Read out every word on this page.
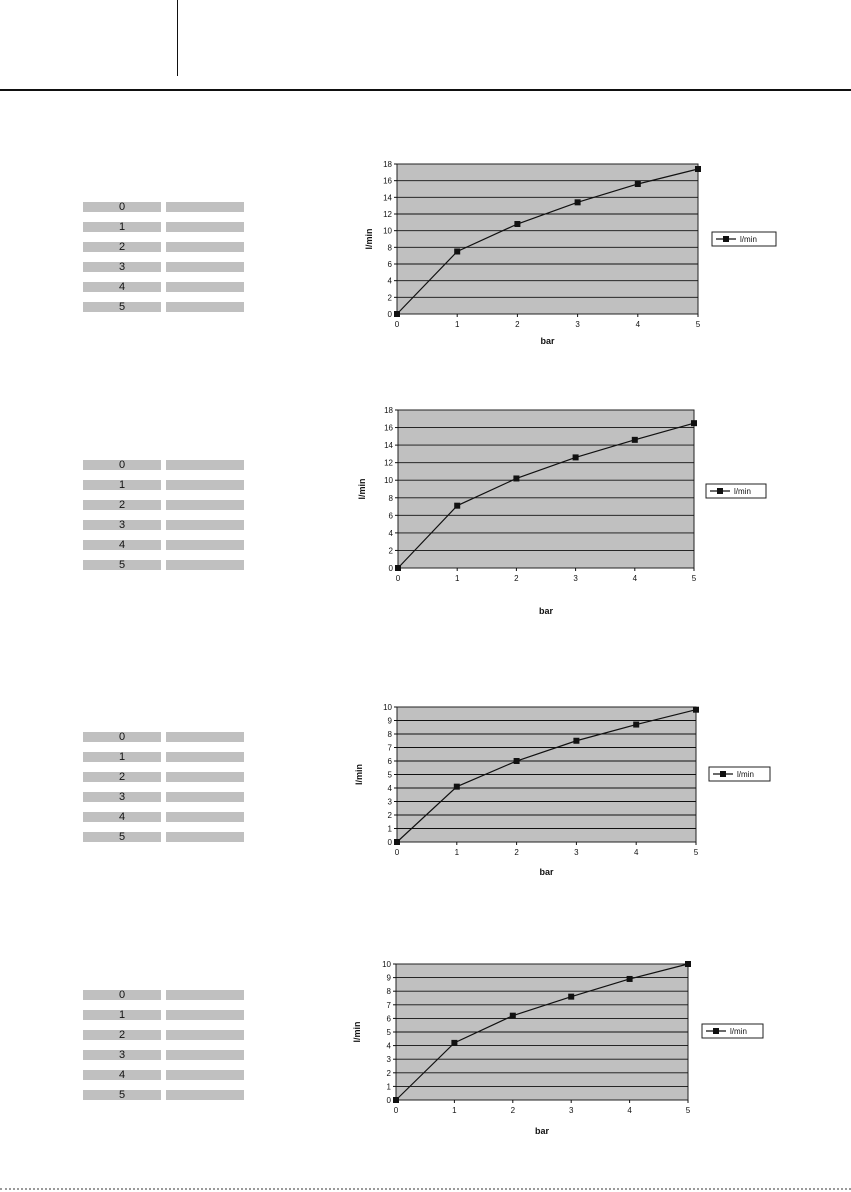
0
1
2
3
4
5
0
1
2
3
4
5
0
1
2
3
4
5
0
1
2
3
4
5
0
2
4
6
8
10
12
14
16
18
0	1	2	3	4	5
bar
l/min	l/min
0
2
4
6
8
10
12
14
16
18
0	1	2	3	4	5
bar
l/min	l/min
0
1
2
3
4
5
6
7
8
9
10
0	1	2	3	4	5
bar
l/min	l/min
0
1
2
3
4
5
6
7
8
9
10
0	1	2	3	4	5
bar
l/min	l/min
